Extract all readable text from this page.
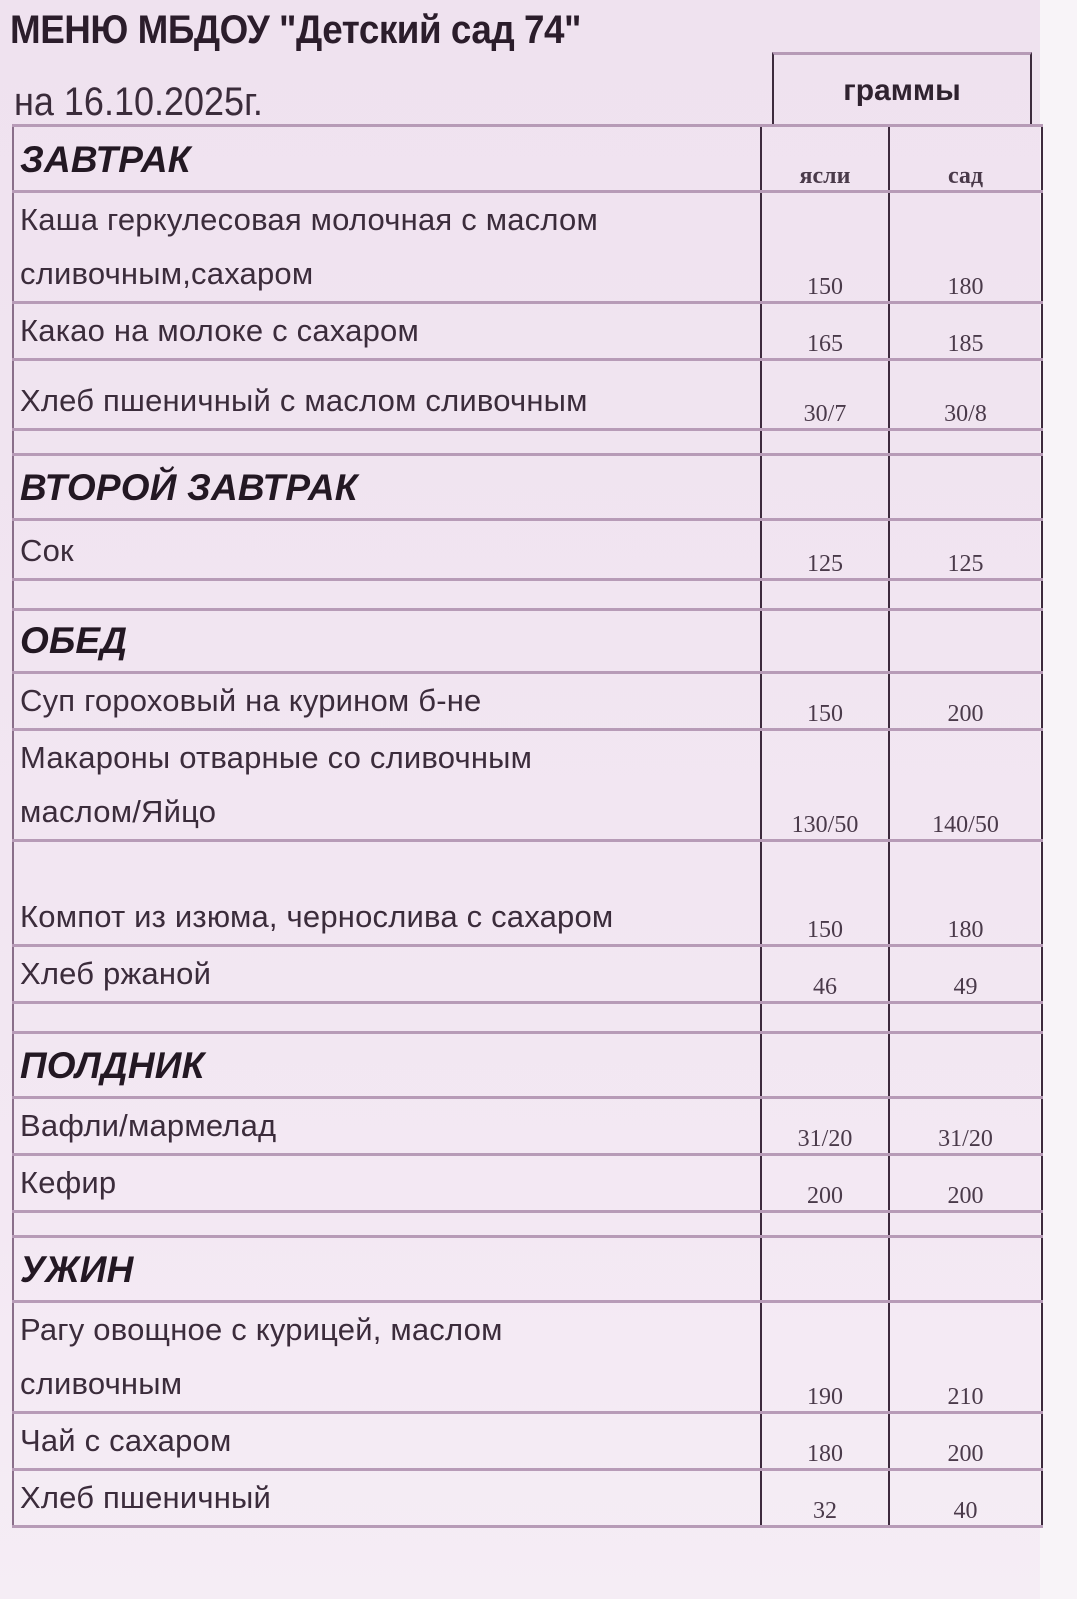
МЕНЮ МБДОУ "Детский сад 74"
на 16.10.2025г.	граммы
ЗАВТРАК	ясли	сад

Каша геркулесовая молочная с маслом
сливочным,сахаром	150	180
Какао на молоке с сахаром	165	185
Хлеб пшеничный с маслом сливочным	30/7	30/8

ВТОРОЙ ЗАВТРАК		
Сок	125	125

ОБЕД		
Суп гороховый на курином б-не	150	200

Макароны отварные со сливочным
маслом/Яйцо	130/50	140/50
Компот из изюма, чернослива с сахаром	150	180
Хлеб ржаной	46	49

ПОЛДНИК		
Вафли/мармелад	31/20	31/20
Кефир	200	200

УЖИН		

Рагу овощное с курицей, маслом
сливочным	190	210
Чай с сахаром	180	200
Хлеб пшеничный	32	40
